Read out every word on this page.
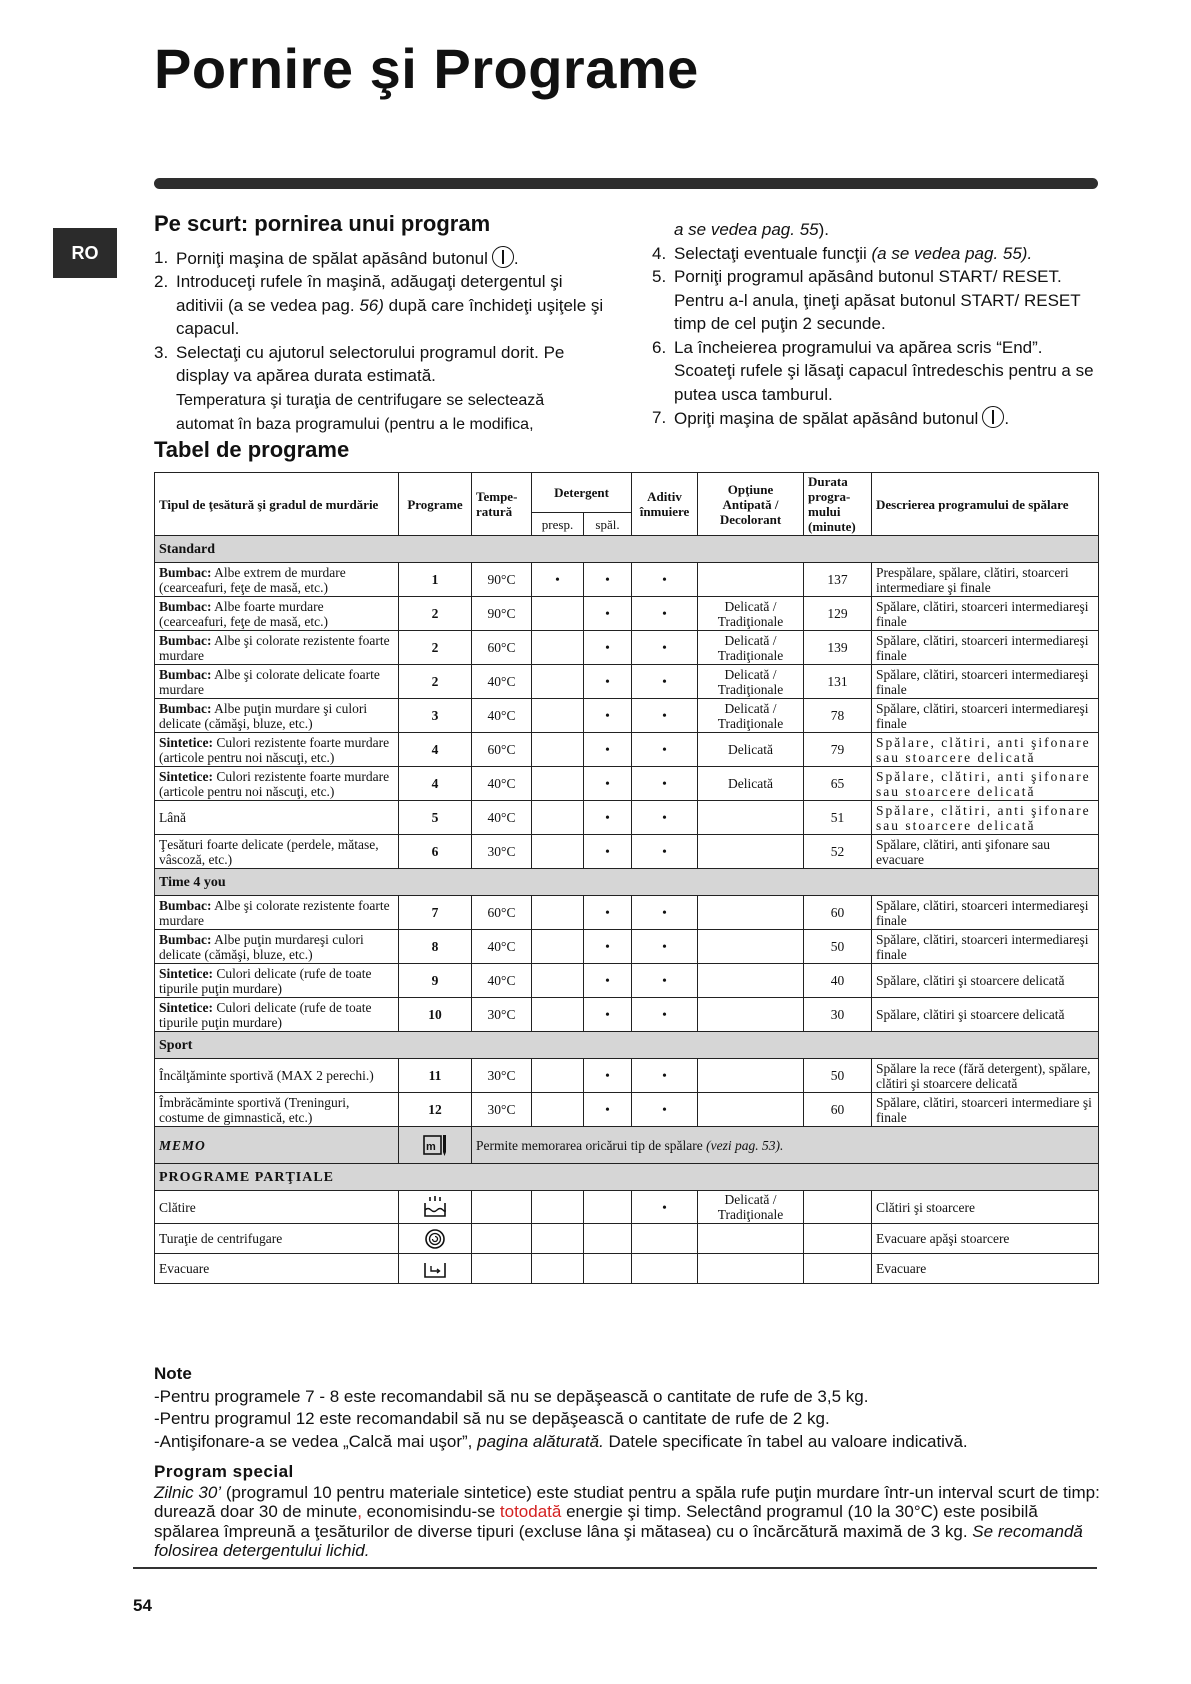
Pornire şi Programe
RO
Pe scurt: pornirea unui program
1. Porniţi maşina de spălat apăsând butonul .
2. Introduceţi rufele în maşină, adăugaţi detergentul şi aditivii (a se vedea pag. 56) după care închideţi uşiţele şi capacul.
3. Selectaţi cu ajutorul selectorului programul dorit. Pe display va apărea durata estimată.
Temperatura şi turaţia de centrifugare se selectează automat în baza programului (pentru a le modifica,
Tabel de programe
a se vedea pag. 55).
4. Selectaţi eventuale funcţii (a se vedea pag. 55).
5. Porniţi programul apăsând butonul START/ RESET.
Pentru a-l anula, ţineţi apăsat butonul START/ RESET timp de cel puţin 2 secunde.
6. La încheierea programului va apărea scris “End”. Scoateţi rufele şi lăsaţi capacul întredeschis pentru a se putea usca tamburul.
7. Opriţi maşina de spălat apăsând butonul .
Tipul de ţesătură şi gradul de murdărie	Programe	Tempe-ratură	Detergent		Aditiv înmuiere	Opţiune Antipată / Decolorant	Durata progra-mului (minute)	Descrierea programului de spălare
			presp.	spăl.				
Standard								
Bumbac: Albe extrem de murdare (cearceafuri, feţe de masă, etc.)	1	90°C	•	•	•		137	Prespălare, spălare, clătiri, stoarceri intermediare şi finale
Bumbac: Albe foarte murdare (cearceafuri, feţe de masă, etc.)	2	90°C		•	•	Delicată / Tradiţionale	129	Spălare, clătiri, stoarceri intermediareşi finale
Bumbac: Albe şi colorate rezistente foarte murdare	2	60°C		•	•	Delicată / Tradiţionale	139	Spălare, clătiri, stoarceri intermediareşi finale
Bumbac: Albe şi colorate delicate foarte murdare	2	40°C		•	•	Delicată / Tradiţionale	131	Spălare, clătiri, stoarceri intermediareşi finale
Bumbac: Albe puţin murdare şi culori delicate (cămăşi, bluze, etc.)	3	40°C		•	•	Delicată / Tradiţionale	78	Spălare, clătiri, stoarceri intermediareşi finale
Sintetice: Culori rezistente foarte murdare (articole pentru noi născuţi, etc.)	4	60°C		•	•	Delicată	79	Spălare, clătiri, anti şifonare sau stoarcere delicată
Sintetice: Culori rezistente foarte murdare (articole pentru noi născuţi, etc.)	4	40°C		•	•	Delicată	65	Spălare, clătiri, anti şifonare sau stoarcere delicată
Lână	5	40°C		•	•		51	Spălare, clătiri, anti şifonare sau stoarcere delicată
Ţesături foarte delicate (perdele, mătase, vâscoză, etc.)	6	30°C		•	•		52	Spălare, clătiri, anti şifonare sau evacuare
Time 4 you								
Bumbac: Albe şi colorate rezistente foarte murdare	7	60°C		•	•		60	Spălare, clătiri, stoarceri intermediareşi finale
Bumbac: Albe puţin murdareşi culori delicate (cămăşi, bluze, etc.)	8	40°C		•	•		50	Spălare, clătiri, stoarceri intermediareşi finale
Sintetice: Culori delicate (rufe de toate tipurile puţin murdare)	9	40°C		•	•		40	Spălare, clătiri şi stoarcere delicată
Sintetice: Culori delicate (rufe de toate tipurile puţin murdare)	10	30°C		•	•		30	Spălare, clătiri şi stoarcere delicată
Sport								
Încălţăminte sportivă (MAX 2 perechi.)	11	30°C		•	•		50	Spălare la rece (fără detergent), spălare, clătiri şi stoarcere delicată
Îmbrăcăminte sportivă (Treninguri, costume de gimnastică, etc.)	12	30°C		•	•		60	Spălare, clătiri, stoarceri intermediare şi finale
MEMO	m	Permite memorarea oricărui tip de spălare (vezi pag. 53).						
PROGRAME PARŢIALE								
Clătire					•	Delicată / Tradiţionale		Clătiri şi stoarcere
Turaţie de centrifugare								Evacuare apăşi stoarcere
Evacuare								Evacuare
Note

-Pentru programele 7 - 8 este recomandabil să nu se depăşească o cantitate de rufe de 3,5 kg.

-Pentru programul 12 este recomandabil să nu se depăşească o cantitate de rufe de 2 kg.

-Antişifonare-a se vedea „Calcă mai uşor”, pagina alăturată. Datele specificate în tabel au valoare indicativă.

Program special

Zilnic 30’ (programul 10 pentru materiale sintetice) este studiat pentru a spăla rufe puţin murdare într-un interval scurt de timp: durează doar 30 de minute, economisindu-se totodată energie şi timp. Selectând programul (10 la 30°C) este posibilă spălarea împreună a ţesăturilor de diverse tipuri (excluse lâna şi mătasea) cu o încărcătură maximă de 3 kg. Se recomandă folosirea detergentului lichid.

54
